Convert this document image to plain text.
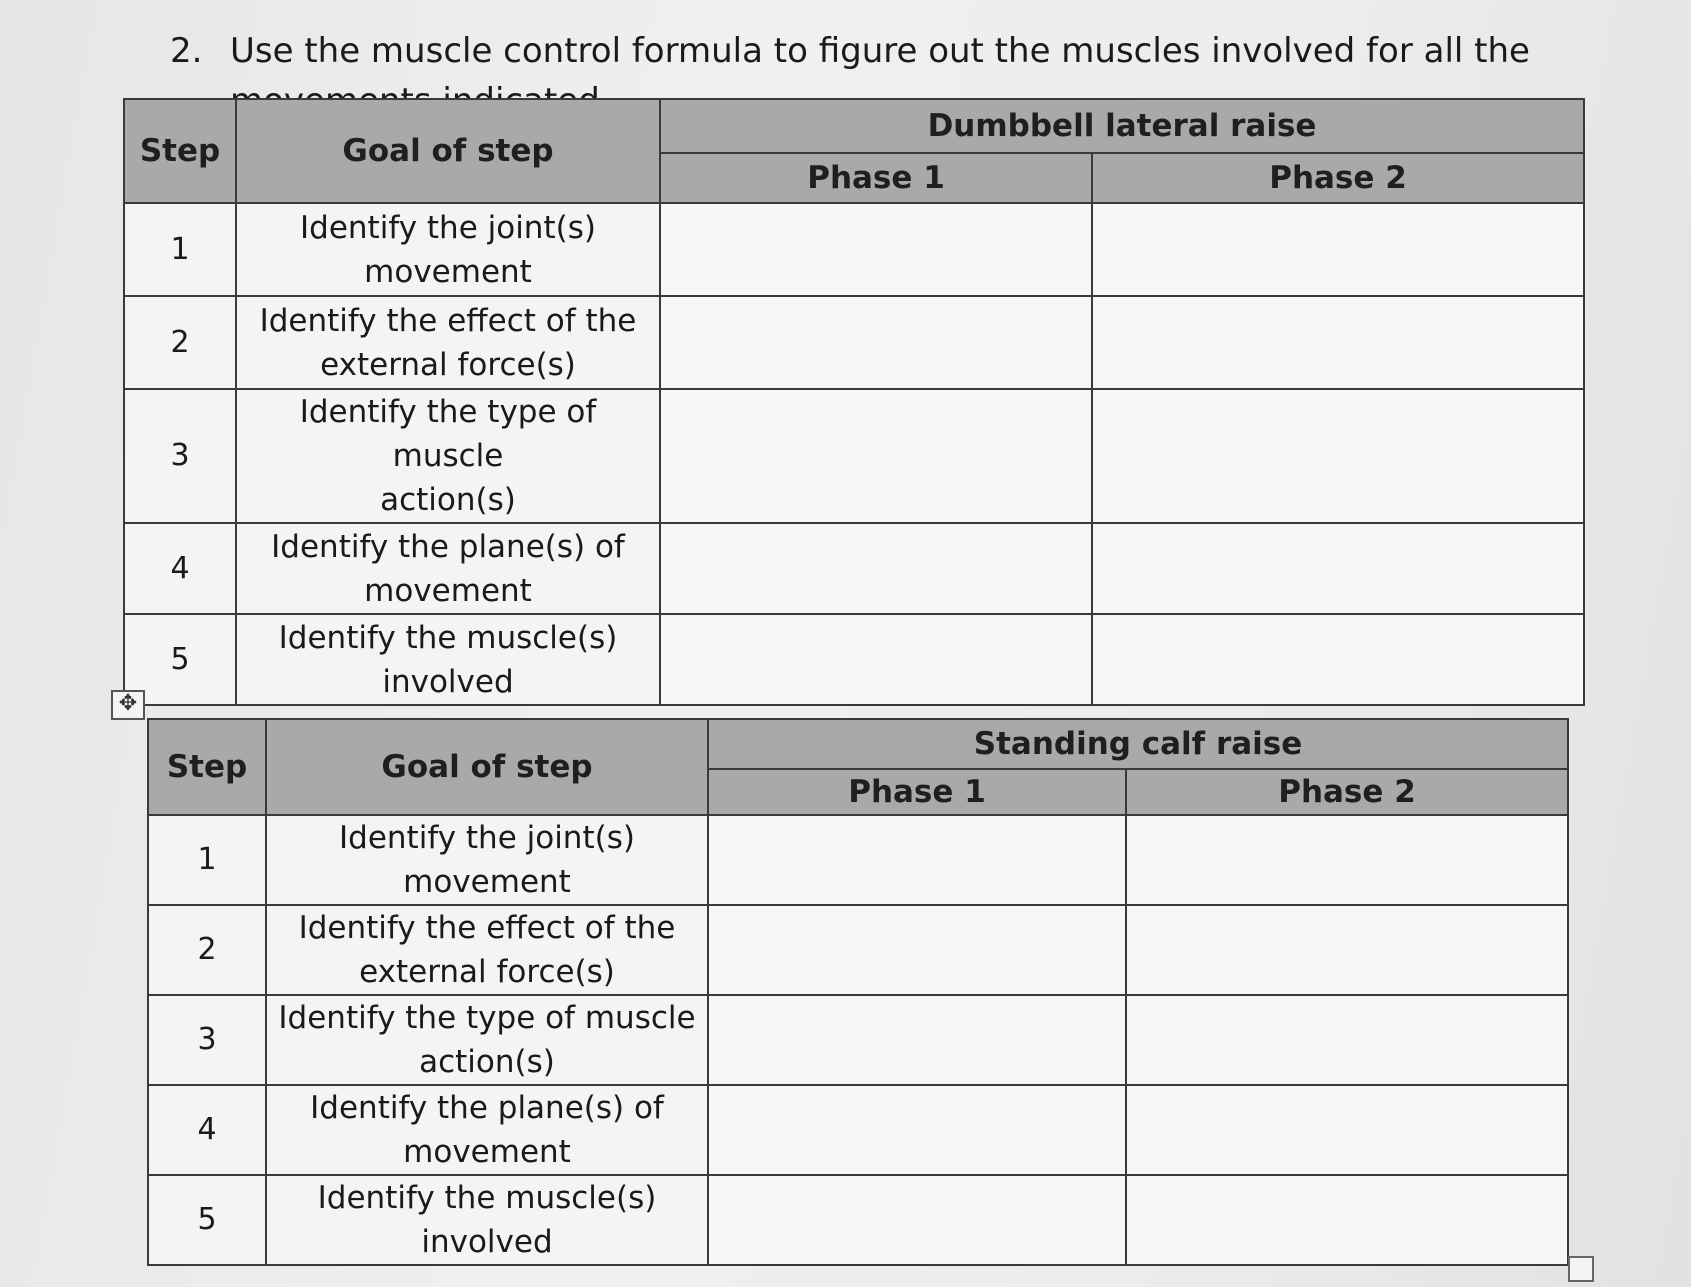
2. Use the muscle control formula to figure out the muscles involved for all the
Step	Goal of step	Dumbbell lateral raise	
		Phase 1	Phase 2
1	Identify the joint(s)
movement		

2	Identify the effect of the
external force(s)		

3	Identify the type of muscle
action(s)		

4	Identify the plane(s) of
movement		

5	Identify the muscle(s)
involved		

✥
Step	Goal of step	Standing calf raise	
		Phase 1	Phase 2
1	Identify the joint(s)
movement		

2	Identify the effect of the
external force(s)		

3	Identify the type of muscle
action(s)		

4	Identify the plane(s) of
movement		

5	Identify the muscle(s)
involved		
